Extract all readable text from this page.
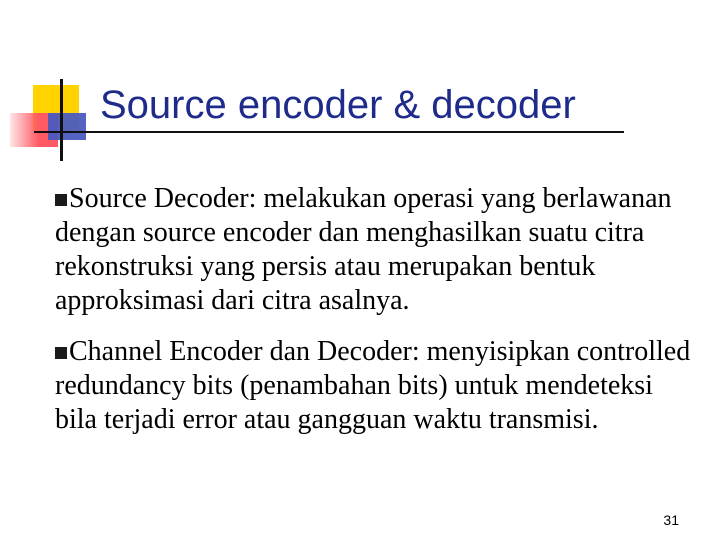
Source encoder & decoder

Source Decoder: melakukan operasi yang berlawanan dengan source encoder dan menghasilkan suatu citra rekonstruksi yang persis atau merupakan bentuk approksimasi dari citra asalnya.

Channel Encoder dan Decoder: menyisipkan controlled redundancy bits (penambahan bits) untuk mendeteksi bila terjadi error atau gangguan waktu transmisi.

31
